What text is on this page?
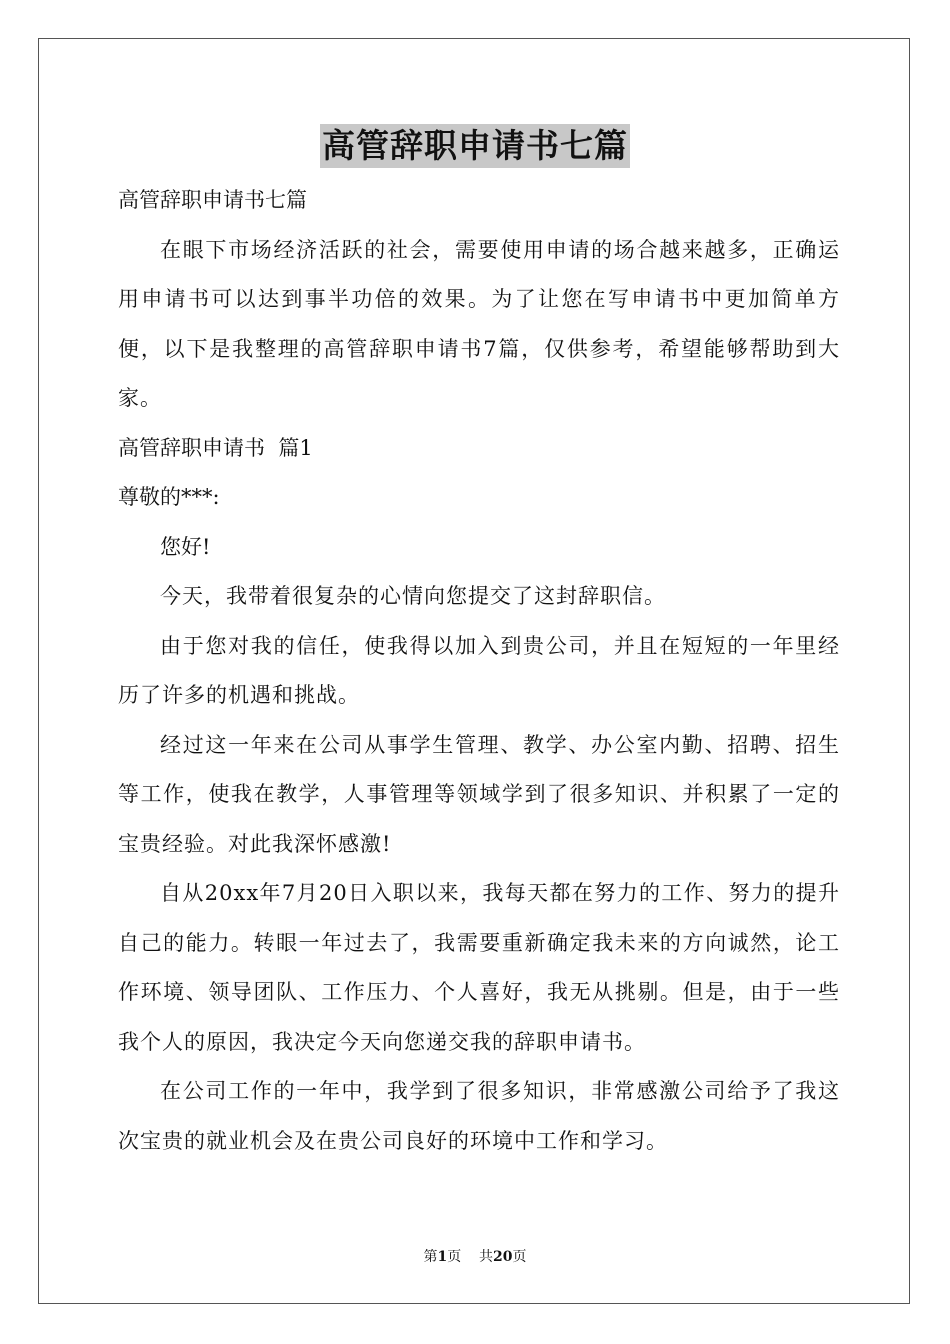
高管辞职申请书七篇

高管辞职申请书七篇

在眼下市场经济活跃的社会，需要使用申请的场合越来越多，正确运用申请书可以达到事半功倍的效果。为了让您在写申请书中更加简单方便，以下是我整理的高管辞职申请书7篇，仅供参考，希望能够帮助到大家。

高管辞职申请书  篇1

尊敬的***:

您好!

今天，我带着很复杂的心情向您提交了这封辞职信。

由于您对我的信任，使我得以加入到贵公司，并且在短短的一年里经历了许多的机遇和挑战。

经过这一年来在公司从事学生管理、教学、办公室内勤、招聘、招生等工作，使我在教学，人事管理等领域学到了很多知识、并积累了一定的宝贵经验。对此我深怀感激!

自从20xx年7月20日入职以来，我每天都在努力的工作、努力的提升自己的能力。转眼一年过去了，我需要重新确定我未来的方向诚然，论工作环境、领导团队、工作压力、个人喜好，我无从挑剔。但是，由于一些我个人的原因，我决定今天向您递交我的辞职申请书。

在公司工作的一年中，我学到了很多知识，非常感激公司给予了我这次宝贵的就业机会及在贵公司良好的环境中工作和学习。

第1页 共20页
